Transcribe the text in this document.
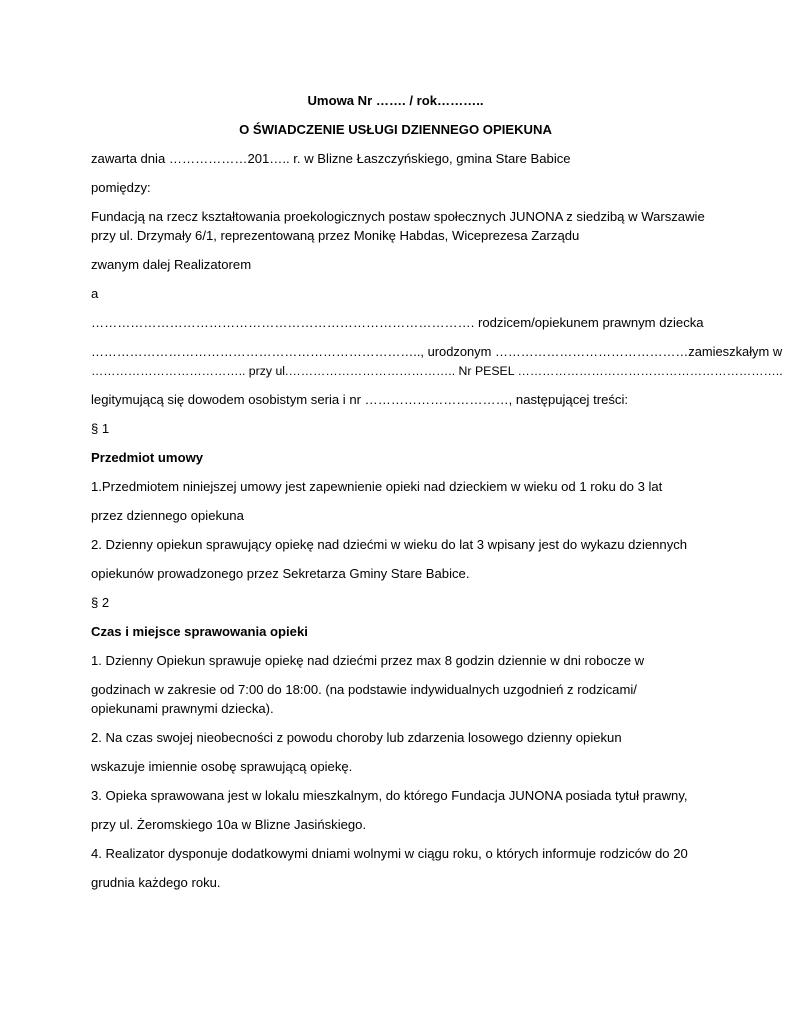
Umowa Nr ……. / rok………..
O ŚWIADCZENIE USŁUGI DZIENNEGO OPIEKUNA
zawarta dnia ………………201….. r. w Blizne Łaszczyńskiego, gmina Stare Babice
pomiędzy:
Fundacją na rzecz kształtowania proekologicznych postaw społecznych JUNONA z siedzibą w Warszawie
przy ul. Drzymały 6/1, reprezentowaną przez Monikę Habdas, Wiceprezesa Zarządu
zwanym dalej Realizatorem
a
……………………………………………………………………………. rodzicem/opiekunem prawnym dziecka
………………………………………………………………….., urodzonym ………………………………………zamieszkałym w
……………………………….. przy ul.………………………………….. Nr PESEL ………………………………………………………..
legitymującą się dowodem osobistym seria i nr ……………………………, następującej treści:
§ 1
Przedmiot umowy
1.Przedmiotem niniejszej umowy jest zapewnienie opieki nad dzieckiem w wieku od 1 roku do 3 lat
przez dziennego opiekuna
2. Dzienny opiekun sprawujący opiekę nad dziećmi w wieku do lat 3 wpisany jest do wykazu dziennych
opiekunów prowadzonego przez Sekretarza Gminy Stare Babice.
§ 2
Czas i miejsce sprawowania opieki
1. Dzienny Opiekun sprawuje opiekę nad dziećmi przez max 8 godzin dziennie w dni robocze w
godzinach w zakresie od 7:00 do 18:00. (na podstawie indywidualnych uzgodnień z rodzicami/
opiekunami prawnymi dziecka).
2. Na czas swojej nieobecności z powodu choroby lub zdarzenia losowego dzienny opiekun
wskazuje imiennie osobę sprawującą opiekę.
3. Opieka sprawowana jest w lokalu mieszkalnym, do którego Fundacja JUNONA posiada tytuł prawny,
przy ul. Żeromskiego 10a w Blizne Jasińskiego.
4. Realizator dysponuje dodatkowymi dniami wolnymi w ciągu roku, o których informuje rodziców do 20
grudnia każdego roku.
